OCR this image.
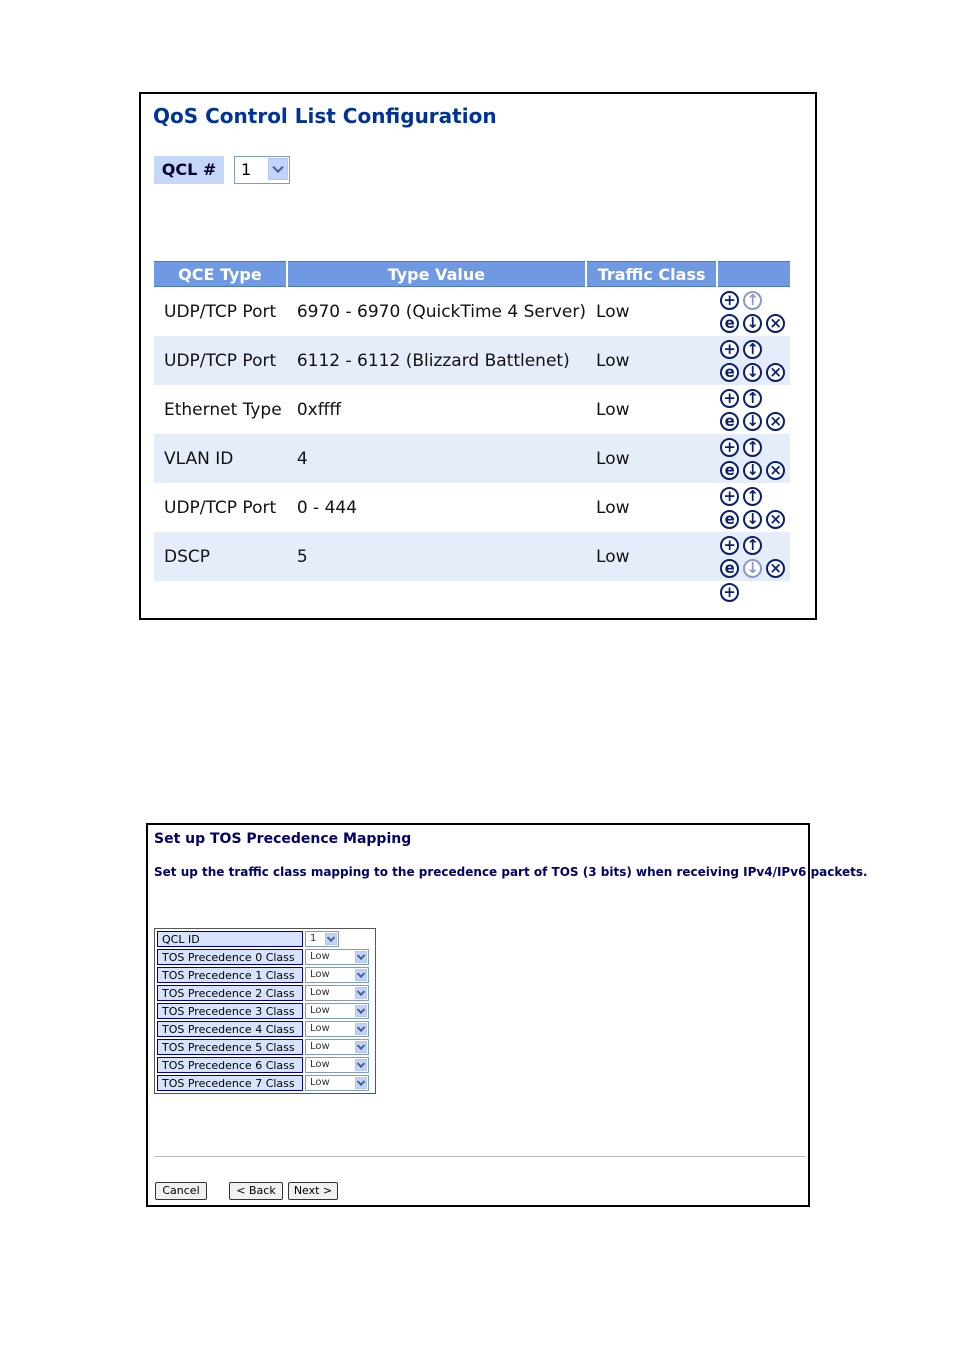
QoS Control List Configuration
QCL #	1
QCE Type	Type Value	Traffic Class	
UDP/TCP Port	6970 - 6970 (QuickTime 4 Server)	Low	+ ↑
e ↓ ×

UDP/TCP Port	6112 - 6112 (Blizzard Battlenet)	Low	+ ↑
e ↓ ×

Ethernet Type	0xffff	Low	+ ↑
e ↓ ×

VLAN ID	4	Low	+ ↑
e ↓ ×

UDP/TCP Port	0 - 444	Low	+ ↑
e ↓ ×

DSCP	5	Low	+ ↑
e ↓ ×
+
Set up TOS Precedence Mapping
Set up the traffic class mapping to the precedence part of TOS (3 bits) when receiving IPv4/IPv6 packets.
QCL ID	1

TOS Precedence 0 Class	Low

TOS Precedence 1 Class	Low

TOS Precedence 2 Class	Low

TOS Precedence 3 Class	Low

TOS Precedence 4 Class	Low

TOS Precedence 5 Class	Low

TOS Precedence 6 Class	Low

TOS Precedence 7 Class	Low
Cancel	< Back	Next >
